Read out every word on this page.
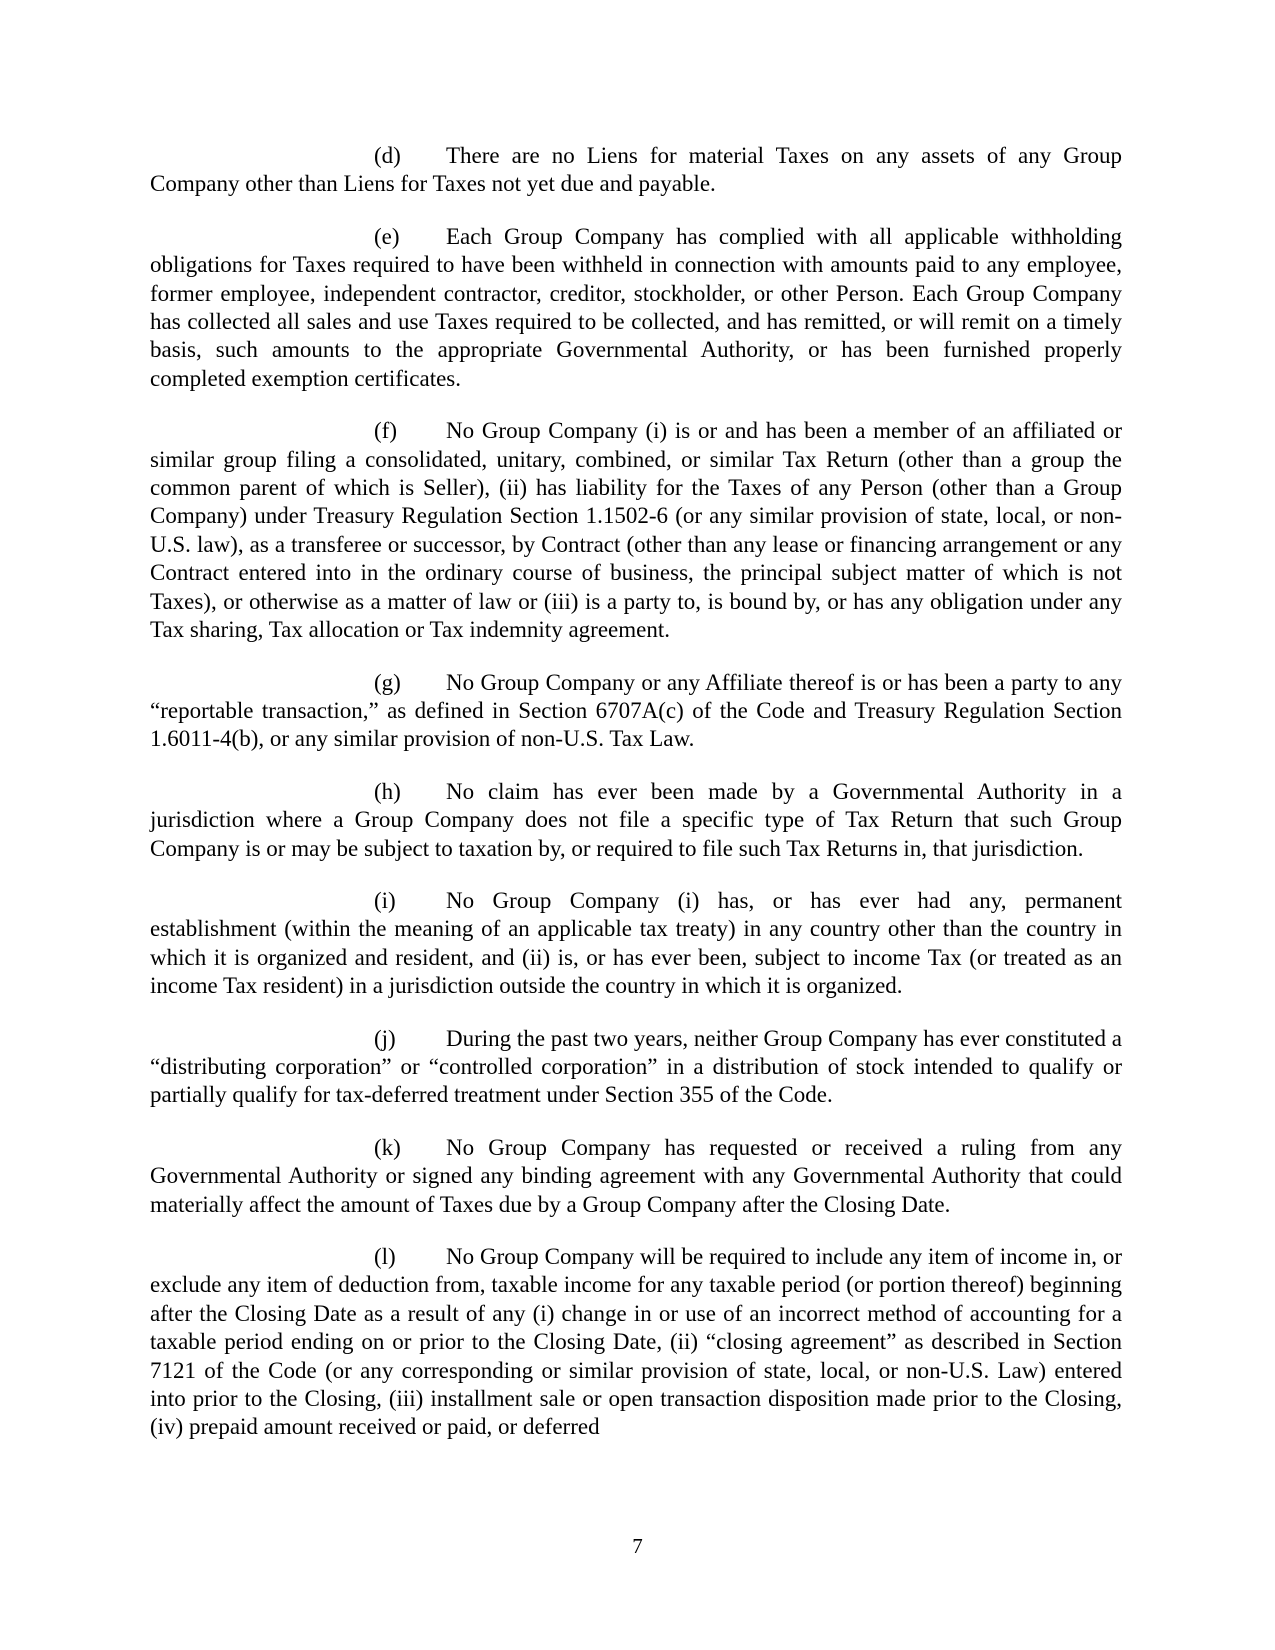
(d) There are no Liens for material Taxes on any assets of any Group Company other than Liens for Taxes not yet due and payable.

(e) Each Group Company has complied with all applicable withholding obligations for Taxes required to have been withheld in connection with amounts paid to any employee, former employee, independent contractor, creditor, stockholder, or other Person. Each Group Company has collected all sales and use Taxes required to be collected, and has remitted, or will remit on a timely basis, such amounts to the appropriate Governmental Authority, or has been furnished properly completed exemption certificates.

(f) No Group Company (i) is or and has been a member of an affiliated or similar group filing a consolidated, unitary, combined, or similar Tax Return (other than a group the common parent of which is Seller), (ii) has liability for the Taxes of any Person (other than a Group Company) under Treasury Regulation Section 1.1502-6 (or any similar provision of state, local, or non-U.S. law), as a transferee or successor, by Contract (other than any lease or financing arrangement or any Contract entered into in the ordinary course of business, the principal subject matter of which is not Taxes), or otherwise as a matter of law or (iii) is a party to, is bound by, or has any obligation under any Tax sharing, Tax allocation or Tax indemnity agreement.

(g) No Group Company or any Affiliate thereof is or has been a party to any “reportable transaction,” as defined in Section 6707A(c) of the Code and Treasury Regulation Section 1.6011-4(b), or any similar provision of non-U.S. Tax Law.

(h) No claim has ever been made by a Governmental Authority in a jurisdiction where a Group Company does not file a specific type of Tax Return that such Group Company is or may be subject to taxation by, or required to file such Tax Returns in, that jurisdiction.

(i) No Group Company (i) has, or has ever had any, permanent establishment (within the meaning of an applicable tax treaty) in any country other than the country in which it is organized and resident, and (ii) is, or has ever been, subject to income Tax (or treated as an income Tax resident) in a jurisdiction outside the country in which it is organized.

(j) During the past two years, neither Group Company has ever constituted a “distributing corporation” or “controlled corporation” in a distribution of stock intended to qualify or partially qualify for tax-deferred treatment under Section 355 of the Code.

(k) No Group Company has requested or received a ruling from any Governmental Authority or signed any binding agreement with any Governmental Authority that could materially affect the amount of Taxes due by a Group Company after the Closing Date.

(l) No Group Company will be required to include any item of income in, or exclude any item of deduction from, taxable income for any taxable period (or portion thereof) beginning after the Closing Date as a result of any (i) change in or use of an incorrect method of accounting for a taxable period ending on or prior to the Closing Date, (ii) “closing agreement” as described in Section 7121 of the Code (or any corresponding or similar provision of state, local, or non-U.S. Law) entered into prior to the Closing, (iii) installment sale or open transaction disposition made prior to the Closing, (iv) prepaid amount received or paid, or deferred

7
